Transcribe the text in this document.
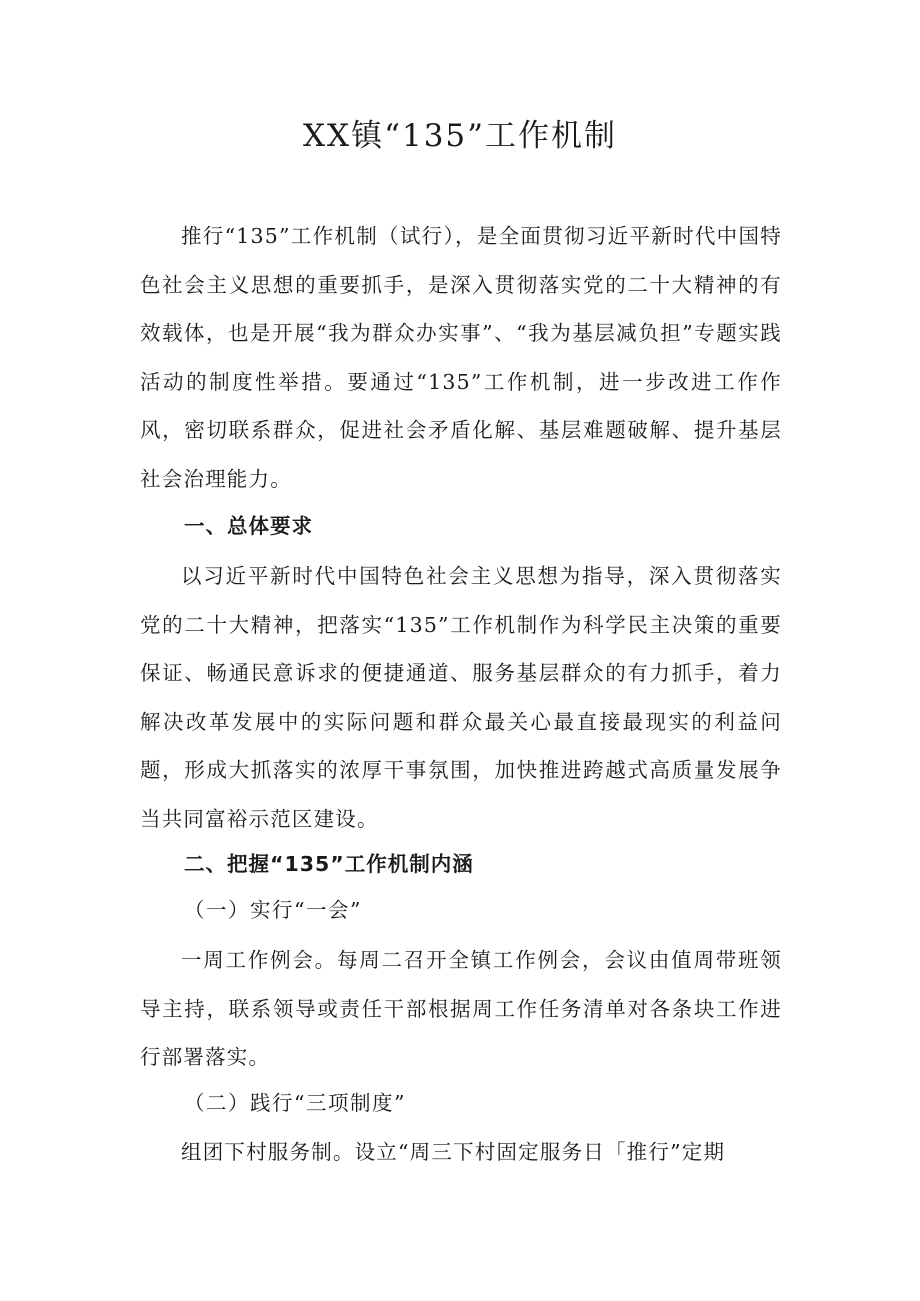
XX镇“135”工作机制

推行“135”工作机制（试行），是全面贯彻习近平新时代中国特色社会主义思想的重要抓手，是深入贯彻落实党的二十大精神的有效载体，也是开展“我为群众办实事”、“我为基层减负担”专题实践活动的制度性举措。要通过“135”工作机制，进一步改进工作作风，密切联系群众，促进社会矛盾化解、基层难题破解、提升基层社会治理能力。

一、总体要求

以习近平新时代中国特色社会主义思想为指导，深入贯彻落实党的二十大精神，把落实“135”工作机制作为科学民主决策的重要保证、畅通民意诉求的便捷通道、服务基层群众的有力抓手，着力解决改革发展中的实际问题和群众最关心最直接最现实的利益问题，形成大抓落实的浓厚干事氛围，加快推进跨越式高质量发展争当共同富裕示范区建设。

二、把握“135”工作机制内涵
（一）实行“一会”

一周工作例会。每周二召开全镇工作例会，会议由值周带班领导主持，联系领导或责任干部根据周工作任务清单对各条块工作进行部署落实。

（二）践行“三项制度”

组团下村服务制。设立“周三下村固定服务日「推行”定期
